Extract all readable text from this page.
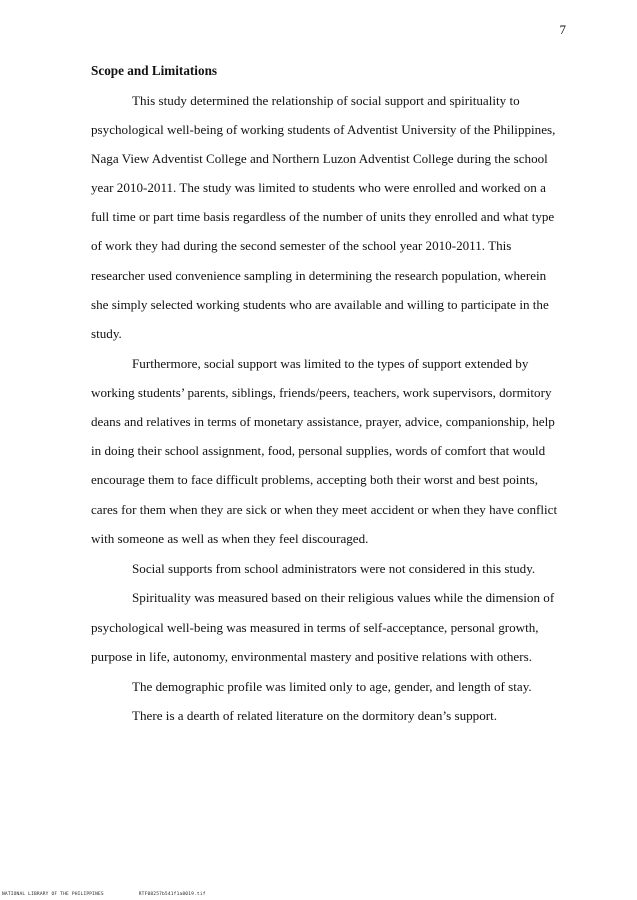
7
Scope and Limitations
This study determined the relationship of social support and spirituality to
psychological well-being of working students of Adventist University of the Philippines,
Naga View Adventist College and Northern Luzon Adventist College during the school
year 2010-2011. The study was limited to students who were enrolled and worked on a
full time or part time basis regardless of the number of units they enrolled and what type
of work they had during the second semester of the school year 2010-2011. This
researcher used convenience sampling in determining the research population, wherein
she simply selected working students who are available and willing to participate in the
study.
Furthermore, social support was limited to the types of support extended by
working students’ parents, siblings, friends/peers, teachers, work supervisors, dormitory
deans and relatives in terms of monetary assistance, prayer, advice, companionship, help
in doing their school assignment, food, personal supplies, words of comfort that would
encourage them to face difficult problems, accepting both their worst and best points,
cares for them when they are sick or when they meet accident or when they have conflict
with someone as well as when they feel discouraged.
Social supports from school administrators were not considered in this study.
Spirituality was measured based on their religious values while the dimension of
psychological well-being was measured in terms of self-acceptance, personal growth,
purpose in life, autonomy, environmental mastery and positive relations with others.
The demographic profile was limited only to age, gender, and length of stay.
There is a dearth of related literature on the dormitory dean’s support.
NATIONAL LIBRARY OF THE PHILIPPINES	RTF08257b541f1a8019.tif
